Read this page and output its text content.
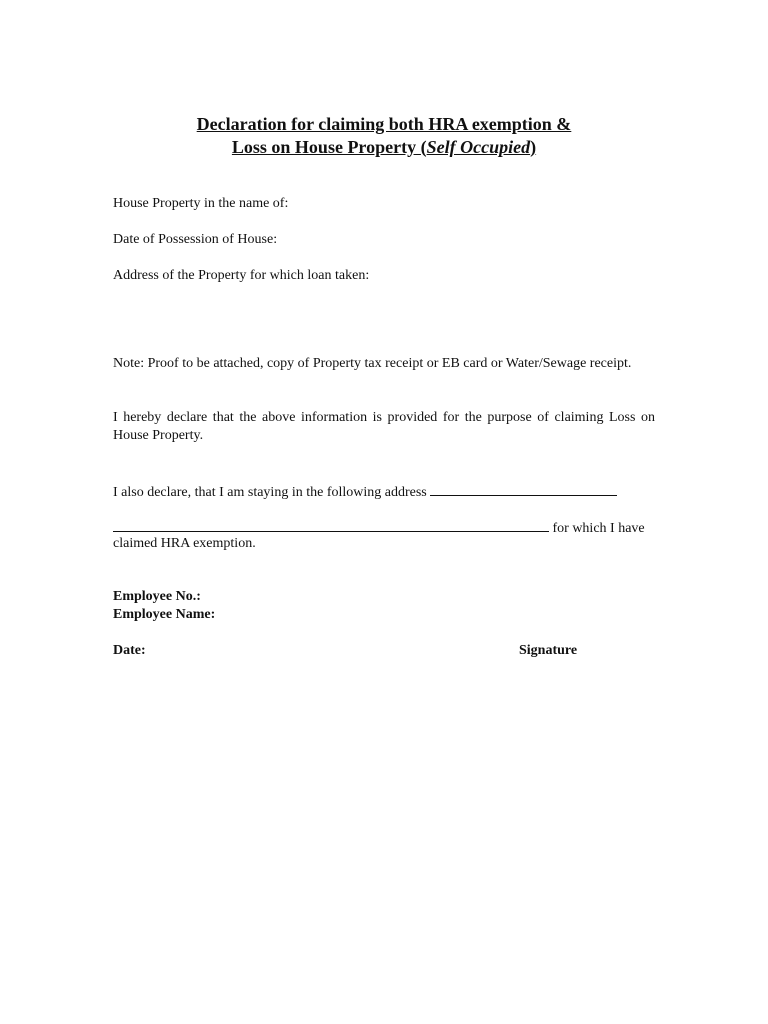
Declaration for claiming both HRA exemption &
Loss on House Property (Self Occupied)
House Property in the name of:
Date of Possession of House:
Address of the Property for which loan taken:
Note: Proof to be attached, copy of Property tax receipt or EB card or Water/Sewage receipt.
I hereby declare that the above information is provided for the purpose of claiming Loss on House Property.
I also declare, that I am staying in the following address
for which I have
claimed HRA exemption.
Employee No.:
Employee Name:
Date:	Signature
